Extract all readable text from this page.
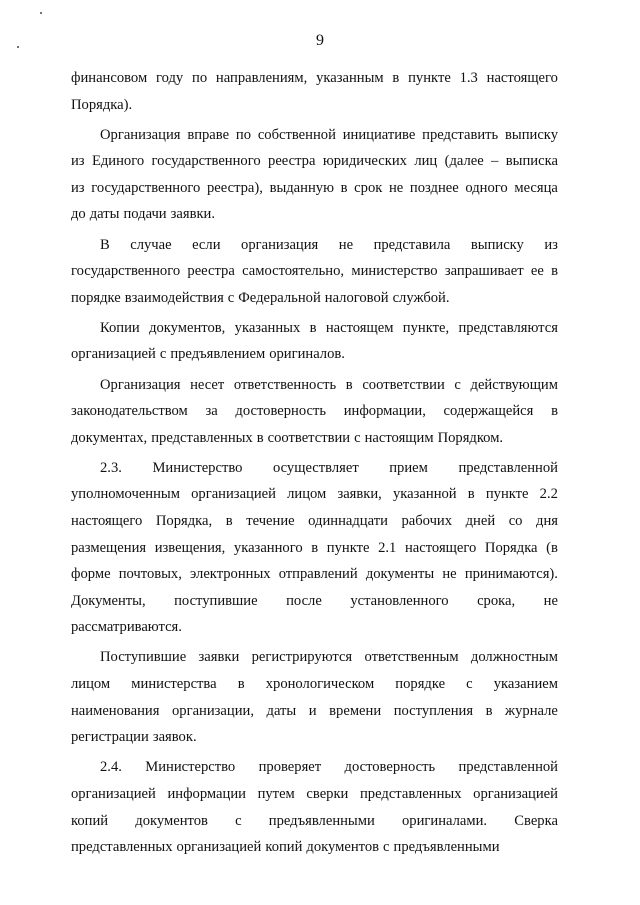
9
финансовом году по направлениям, указанным в пункте 1.3 настоящего
Порядка).
Организация вправе по собственной инициативе представить выписку
из Единого государственного реестра юридических лиц (далее – выписка
из государственного реестра), выданную в срок не позднее одного месяца
до даты подачи заявки.
В случае если организация не представила выписку из
государственного реестра самостоятельно, министерство запрашивает ее в
порядке взаимодействия с Федеральной налоговой службой.
Копии документов, указанных в настоящем пункте, представляются
организацией с предъявлением оригиналов.
Организация несет ответственность в соответствии с действующим
законодательством за достоверность информации, содержащейся в
документах, представленных в соответствии с настоящим Порядком.
2.3. Министерство осуществляет прием представленной
уполномоченным организацией лицом заявки, указанной в пункте 2.2
настоящего Порядка, в течение одиннадцати рабочих дней со дня
размещения извещения, указанного в пункте 2.1 настоящего Порядка (в
форме почтовых, электронных отправлений документы не принимаются).
Документы, поступившие после установленного срока, не
рассматриваются.
Поступившие заявки регистрируются ответственным должностным
лицом министерства в хронологическом порядке с указанием
наименования организации, даты и времени поступления в журнале
регистрации заявок.
2.4. Министерство проверяет достоверность представленной
организацией информации путем сверки представленных организацией
копий документов с предъявленными оригиналами. Сверка
представленных организацией копий документов с предъявленными
